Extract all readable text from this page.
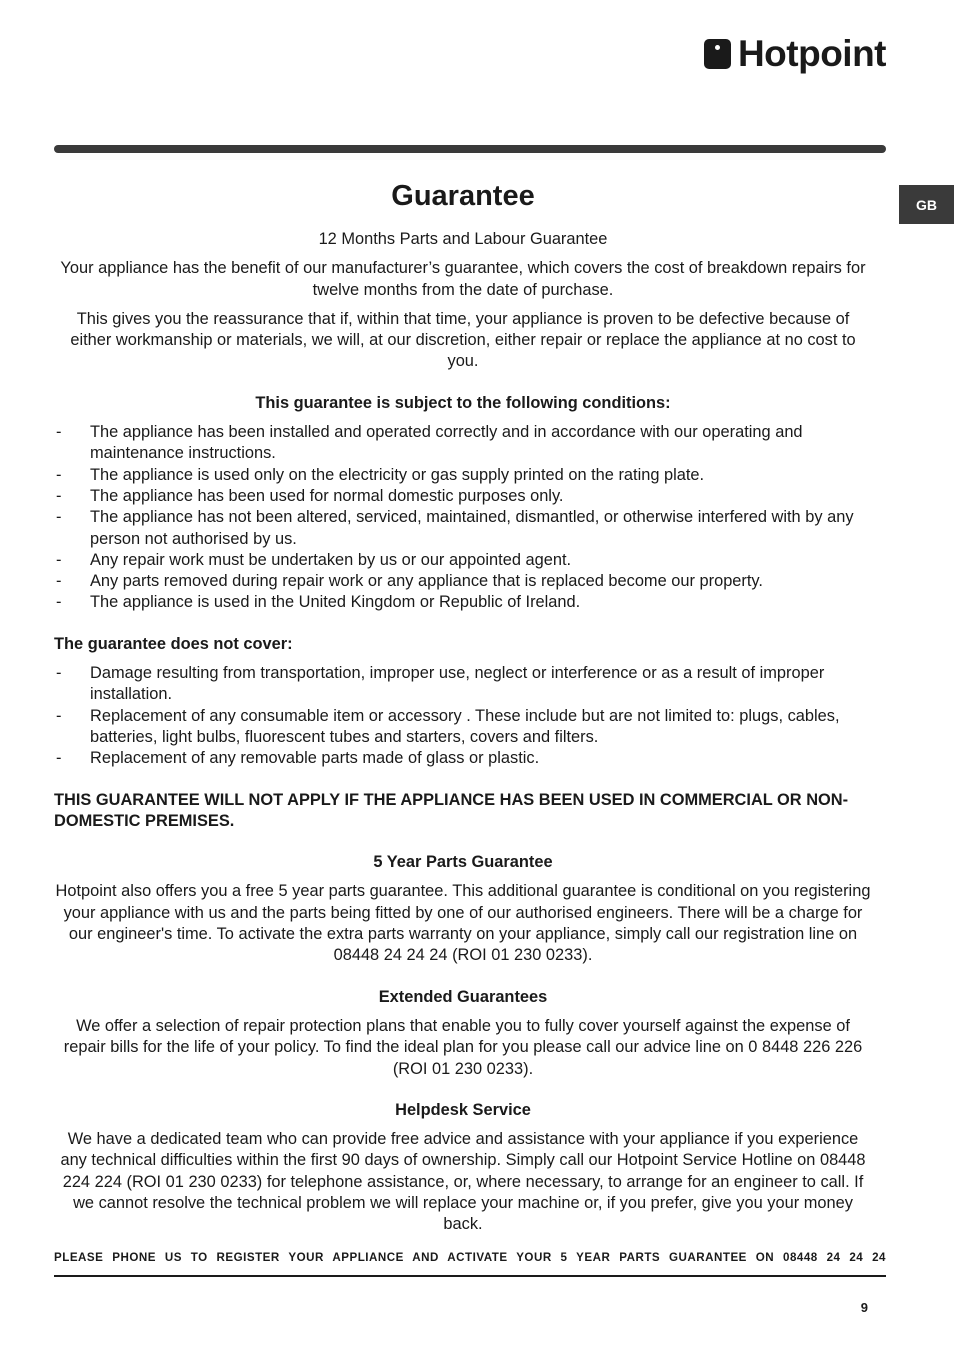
Hotpoint
GB
Guarantee

12 Months Parts and Labour Guarantee

Your appliance has the benefit of our manufacturer’s guarantee, which covers the cost of breakdown repairs for twelve months from the date of purchase.

This gives you the reassurance that if, within that time, your appliance is proven to be defective because of either workmanship or materials, we will, at our discretion, either repair or replace the appliance at no cost to you.

This guarantee is subject to the following conditions:

- The appliance has been installed and operated correctly and in accordance with our operating and maintenance instructions.
- The appliance is used only on the electricity or gas supply printed on the rating plate.
- The appliance has been used for normal domestic purposes only.
- The appliance has not been altered, serviced, maintained, dismantled, or otherwise interfered with by any person not authorised by us.
- Any repair work must be undertaken by us or our appointed agent.
- Any parts removed during repair work or any appliance that is replaced become our property.
- The appliance is used in the United Kingdom or Republic of Ireland.

The guarantee does not cover:

- Damage resulting from transportation, improper use, neglect or interference or as a result of improper installation.
- Replacement of any consumable item or accessory . These include but are not limited to: plugs, cables, batteries, light bulbs, fluorescent tubes and starters, covers and filters.
- Replacement of any removable parts made of glass or plastic.

THIS GUARANTEE WILL NOT APPLY IF THE APPLIANCE HAS BEEN USED IN COMMERCIAL OR NON-DOMESTIC PREMISES.

5 Year Parts Guarantee

Hotpoint also offers you a free 5 year parts guarantee. This additional guarantee is conditional on you registering your appliance with us and the parts being fitted by one of our authorised engineers. There will be a charge for our engineer's time. To activate the extra parts warranty on your appliance, simply call our registration line on 08448 24 24 24 (ROI 01 230 0233).

Extended Guarantees

We offer a selection of repair protection plans that enable you to fully cover yourself against the expense of repair bills for the life of your policy. To find the ideal plan for you please call our advice line on 0 8448 226 226 (ROI 01 230 0233).

Helpdesk Service

We have a dedicated team who can provide free advice and assistance with your appliance if you experience any technical difficulties within the first 90 days of ownership. Simply call our Hotpoint Service Hotline on 08448 224 224 (ROI 01 230 0233) for telephone assistance, or, where necessary, to arrange for an engineer to call. If we cannot resolve the technical problem we will replace your machine or, if you prefer, give you your money back.

PLEASE PHONE US TO REGISTER YOUR APPLIANCE AND ACTIVATE YOUR 5 YEAR PARTS GUARANTEE ON 08448 24 24 24
9
